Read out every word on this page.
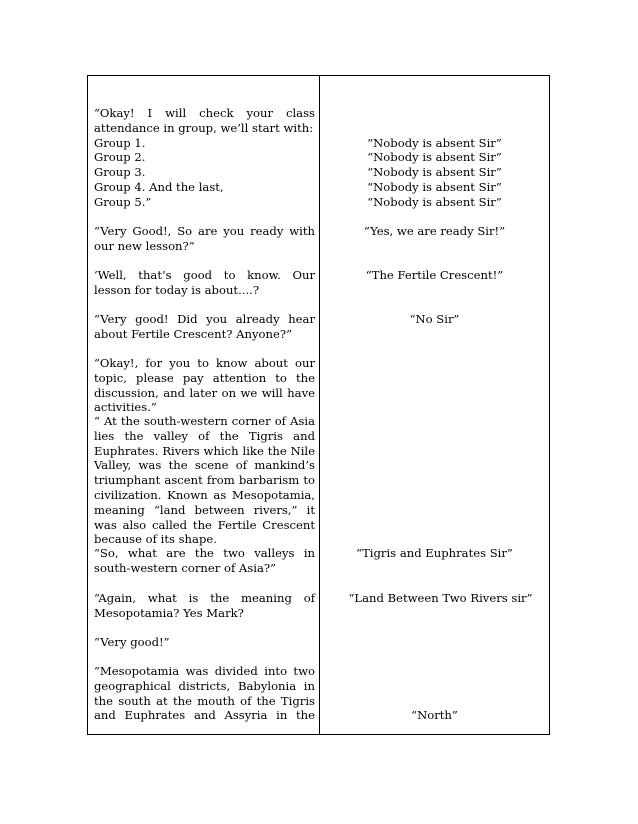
“Okay! I will check your class attendance in group, we’ll start with:
Group 1.
Group 2.
Group 3.
Group 4. And the last,
Group 5.”
“Very Good!, So are you ready with our new lesson?”
‘Well, that’s good to know. Our lesson for today is about....?
“Very good! Did you already hear about Fertile Crescent? Anyone?”
“Okay!, for you to know about our topic, please pay attention to the discussion, and later on we will have activities.”
“ At the south-western corner of Asia lies the valley of the Tigris and Euphrates. Rivers which like the Nile Valley, was the scene of mankind’s triumphant ascent from barbarism to civilization. Known as Mesopotamia, meaning “land between rivers,” it was also called the Fertile Crescent because of its shape.
“So, what are the two valleys in south-western corner of Asia?”
“Again, what is the meaning of Mesopotamia? Yes Mark?
“Very good!”
“Mesopotamia was divided into two geographical districts, Babylonia in the south at the mouth of the Tigris and Euphrates and Assyria in the
“Nobody is absent Sir”
“Nobody is absent Sir”
“Nobody is absent Sir”
“Nobody is absent Sir”
“Nobody is absent Sir”
“Yes, we are ready Sir!”
“The Fertile Crescent!”
“No Sir”
“Tigris and Euphrates Sir”
“Land Between Two Rivers sir”
“North”
